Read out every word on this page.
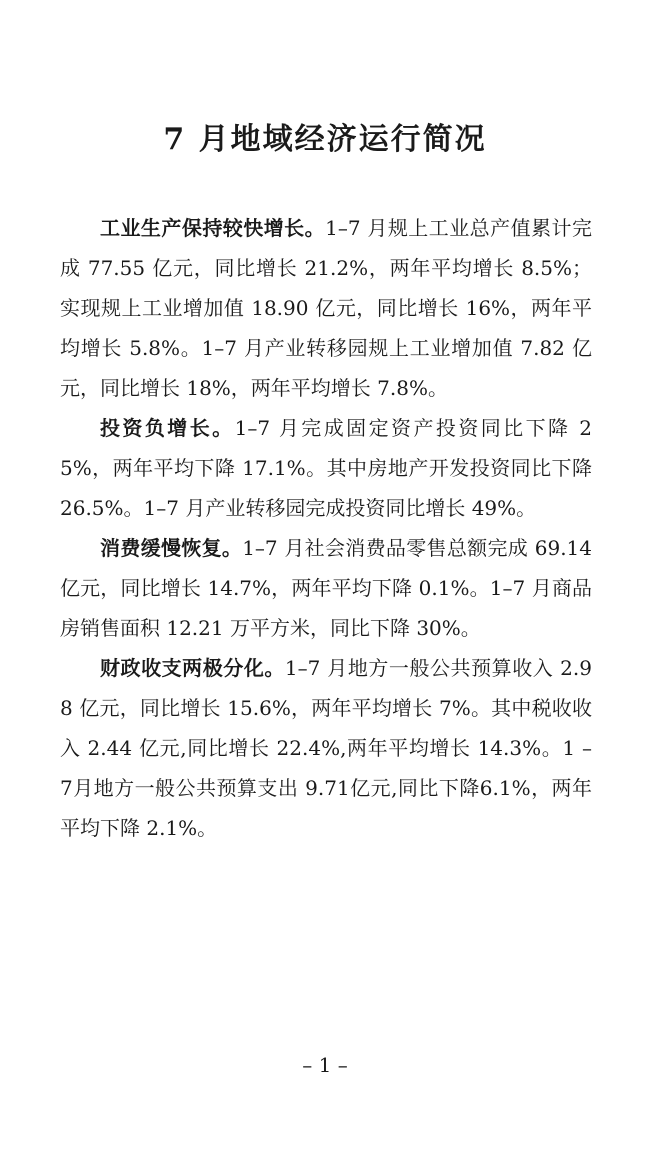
7 月地域经济运行简况

工业生产保持较快增长。1–7 月规上工业总产值累计完成 77.55 亿元，同比增长 21.2%，两年平均增长 8.5%；实现规上工业增加值 18.90 亿元，同比增长 16%，两年平均增长 5.8%。1–7 月产业转移园规上工业增加值 7.82 亿元，同比增长 18%，两年平均增长 7.8%。

投资负增长。1–7 月完成固定资产投资同比下降 25%，两年平均下降 17.1%。其中房地产开发投资同比下降 26.5%。1–7 月产业转移园完成投资同比增长 49%。

消费缓慢恢复。1–7 月社会消费品零售总额完成 69.14 亿元，同比增长 14.7%，两年平均下降 0.1%。1–7 月商品房销售面积 12.21 万平方米，同比下降 30%。

财政收支两极分化。1–7 月地方一般公共预算收入 2.98 亿元，同比增长 15.6%，两年平均增长 7%。其中税收收入 2.44 亿元,同比增长 22.4%,两年平均增长 14.3%。1 – 7月地方一般公共预算支出 9.71亿元,同比下降6.1%，两年平均下降 2.1%。

– 1 –
